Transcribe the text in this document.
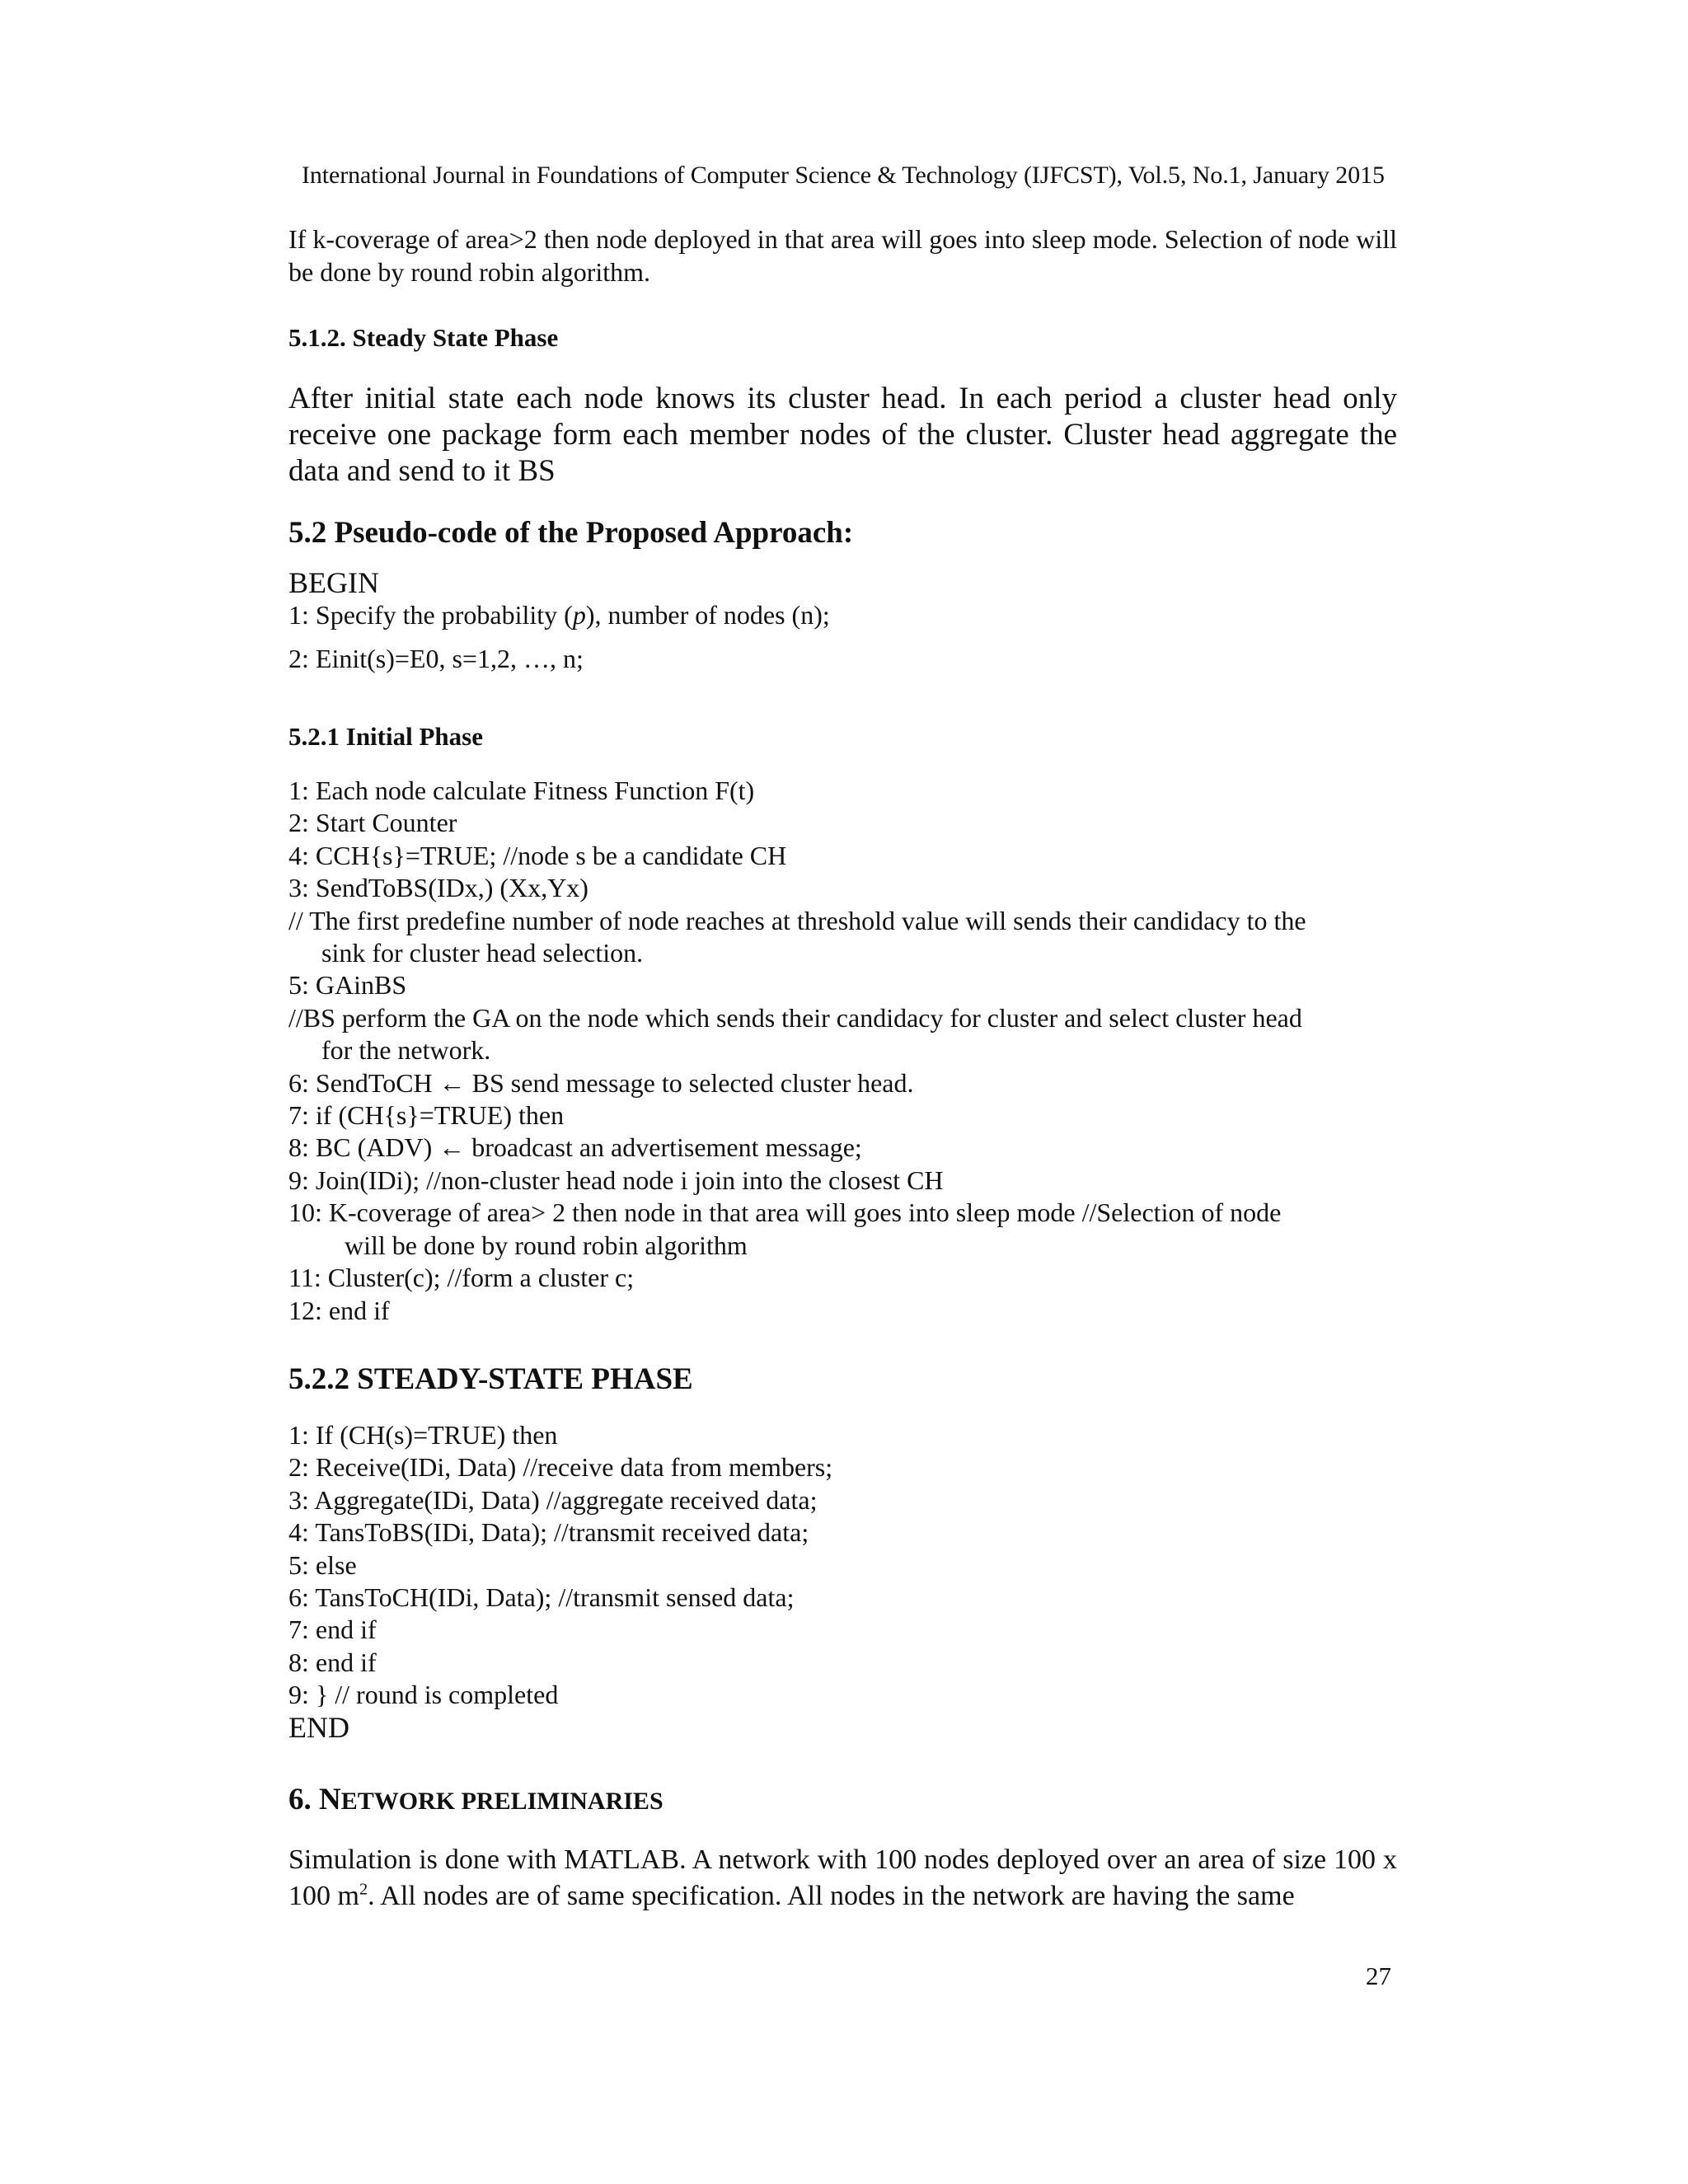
International Journal in Foundations of Computer Science & Technology (IJFCST), Vol.5, No.1, January 2015

If k-coverage of area>2 then node deployed in that area will goes into sleep mode. Selection of node will be done by round robin algorithm.

5.1.2. Steady State Phase

After initial state each node knows its cluster head. In each period a cluster head only receive one package form each member nodes of the cluster. Cluster head aggregate the data and send to it BS

5.2 Pseudo-code of the Proposed Approach:
BEGIN
1: Specify the probability (p), number of nodes (n);
2: Einit(s)=E0, s=1,2, …, n;
5.2.1 Initial Phase
1: Each node calculate Fitness Function F(t)
2: Start Counter
4: CCH{s}=TRUE; //node s be a candidate CH
3: SendToBS(IDx,) (Xx,Yx)
// The first predefine number of node reaches at threshold value will sends their candidacy to the
sink for cluster head selection.
5: GAinBS
//BS perform the GA on the node which sends their candidacy for cluster and select cluster head
for the network.
6: SendToCH ← BS send message to selected cluster head.
7: if (CH{s}=TRUE) then
8: BC (ADV) ← broadcast an advertisement message;
9: Join(IDi); //non-cluster head node i join into the closest CH
10: K-coverage of area> 2 then node in that area will goes into sleep mode //Selection of node
will be done by round robin algorithm
11: Cluster(c); //form a cluster c;
12: end if
5.2.2 STEADY-STATE PHASE
1: If (CH(s)=TRUE) then
2: Receive(IDi, Data) //receive data from members;
3: Aggregate(IDi, Data) //aggregate received data;
4: TansToBS(IDi, Data); //transmit received data;
5: else
6: TansToCH(IDi, Data); //transmit sensed data;
7: end if
8: end if
9: } // round is completed
END
6. NETWORK PRELIMINARIES

Simulation is done with MATLAB. A network with 100 nodes deployed over an area of size 100 x 100 $m^2$. All nodes are of same specification. All nodes in the network are having the same

27
